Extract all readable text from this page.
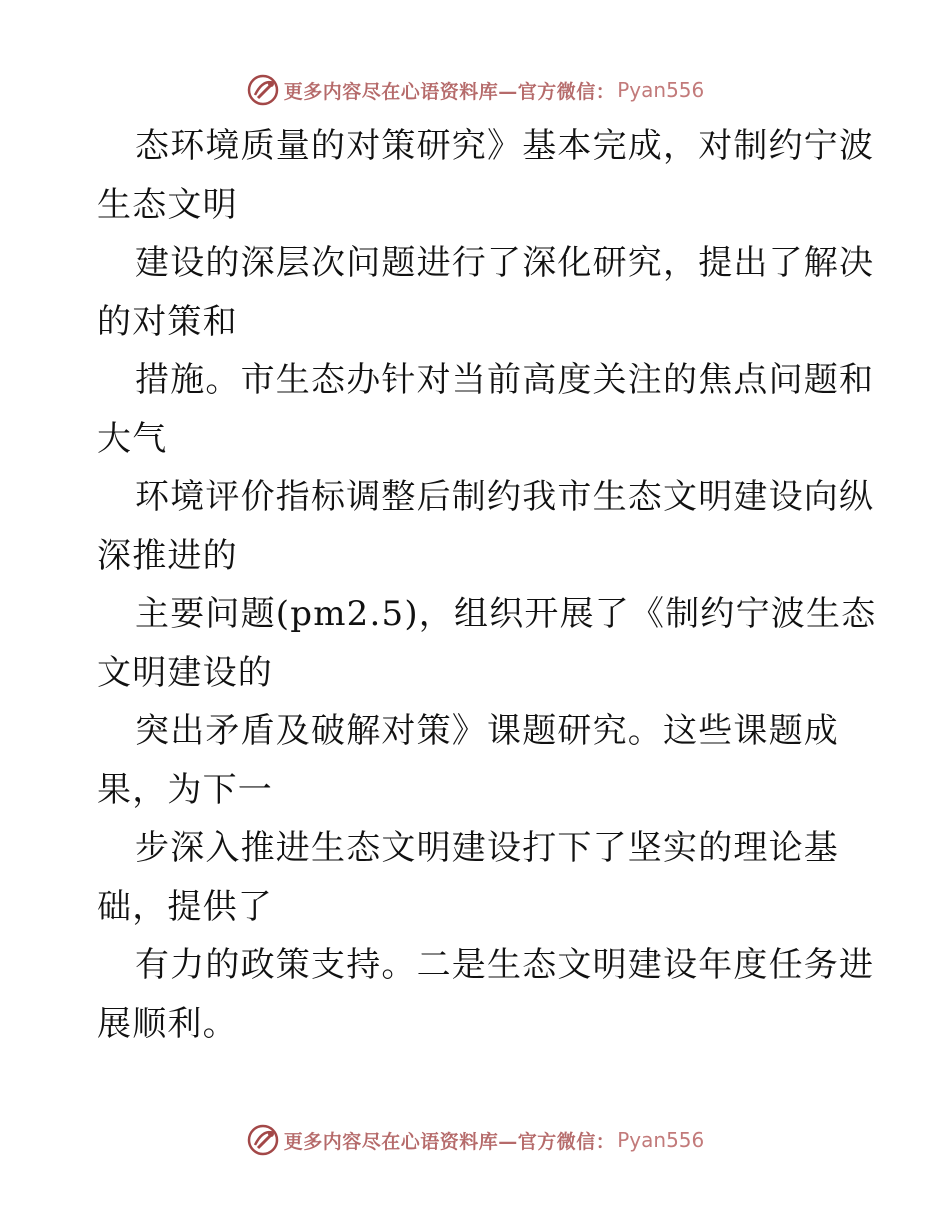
更多内容尽在心语资料库—官方微信： Pyan556
态环境质量的对策研究》基本完成，对制约宁波
生态文明
建设的深层次问题进行了深化研究，提出了解决
的对策和
措施。市生态办针对当前高度关注的焦点问题和
大气
环境评价指标调整后制约我市生态文明建设向纵
深推进的
主要问题(pm2.5)，组织开展了《制约宁波生态
文明建设的
突出矛盾及破解对策》课题研究。这些课题成
果，为下一
步深入推进生态文明建设打下了坚实的理论基
础，提供了
有力的政策支持。二是生态文明建设年度任务进
展顺利。
更多内容尽在心语资料库—官方微信： Pyan556
